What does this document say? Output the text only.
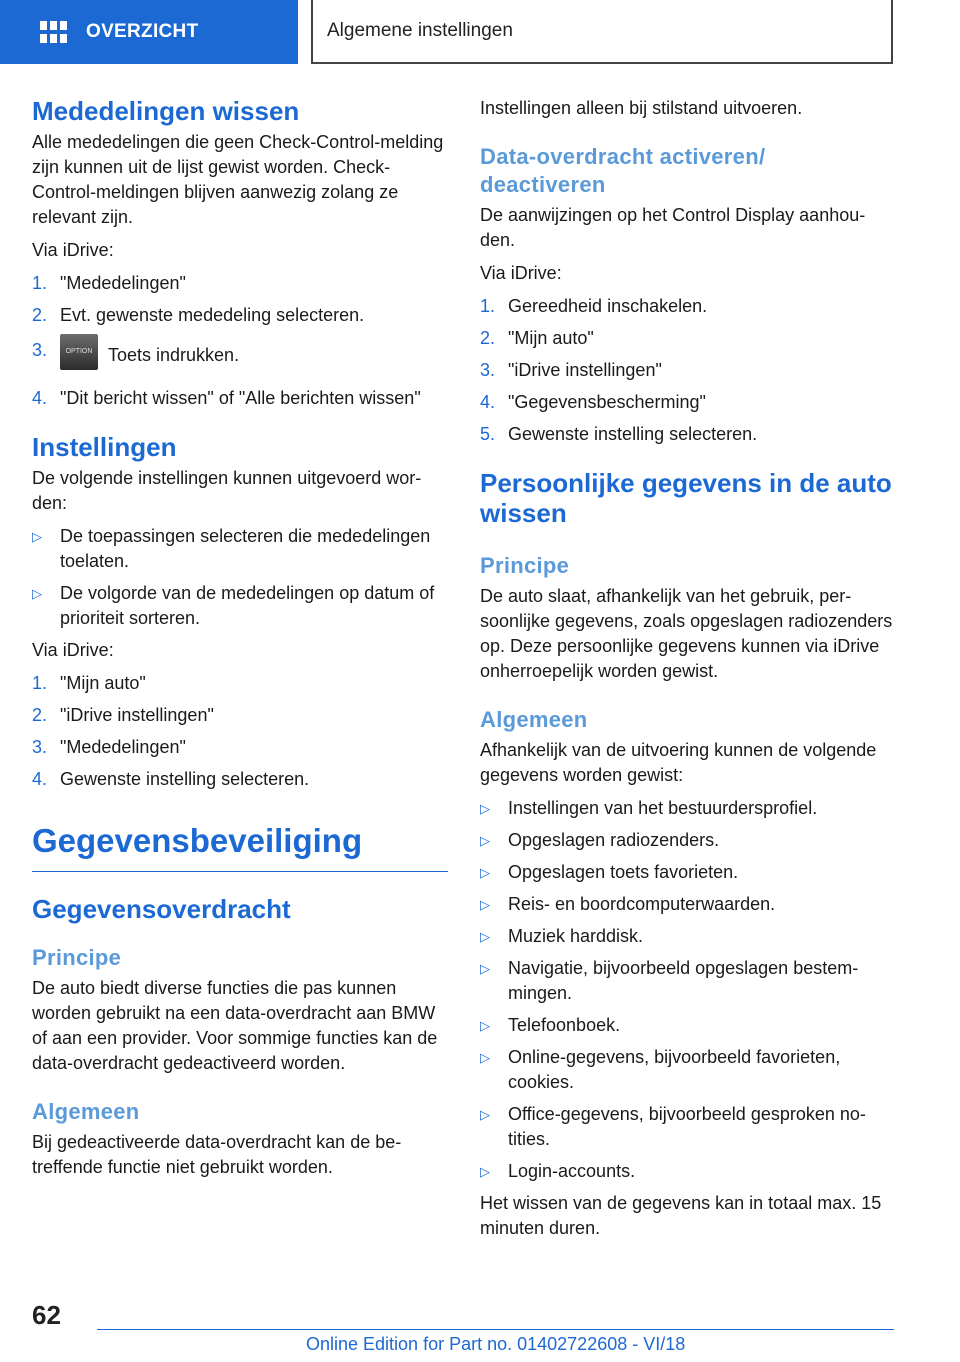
OVERZICHT	Algemene instellingen
Mededelingen wissen

Alle mededelingen die geen Check-Control-melding zijn kunnen uit de lijst gewist worden. Check-Control-meldingen blijven aanwezig zolang ze relevant zijn.

Via iDrive:

1. "Mededelingen"
2. Evt. gewenste mededeling selecteren.
3.	OPTION Toets indrukken.
4. "Dit bericht wissen" of "Alle berichten wissen"
Instellingen

De volgende instellingen kunnen uitgevoerd worden:

▷	De toepassingen selecteren die mededelingen toelaten.
▷	De volgorde van de mededelingen op datum of prioriteit sorteren.

Via iDrive:

1. "Mijn auto"
2. "iDrive instellingen"
3. "Mededelingen"
4. Gewenste instelling selecteren.
Gegevensbeveiliging
Gegevensoverdracht
Principe

De auto biedt diverse functies die pas kunnen worden gebruikt na een data-overdracht aan BMW of aan een provider. Voor sommige functies kan de data-overdracht gedeactiveerd worden.

Algemeen

Bij gedeactiveerde data-overdracht kan de betreffende functie niet gebruikt worden.

Instellingen alleen bij stilstand uitvoeren.

Data-overdracht activeren/ deactiveren

De aanwijzingen op het Control Display aanhouden.

Via iDrive:

1. Gereedheid inschakelen.
2. "Mijn auto"
3. "iDrive instellingen"
4. "Gegevensbescherming"
5. Gewenste instelling selecteren.
Persoonlijke gegevens in de auto wissen
Principe

De auto slaat, afhankelijk van het gebruik, persoonlijke gegevens, zoals opgeslagen radiozenders op. Deze persoonlijke gegevens kunnen via iDrive onherroepelijk worden gewist.

Algemeen

Afhankelijk van de uitvoering kunnen de volgende gegevens worden gewist:

▷	Instellingen van het bestuurdersprofiel.
▷	Opgeslagen radiozenders.
▷	Opgeslagen toets favorieten.
▷	Reis- en boordcomputerwaarden.
▷	Muziek harddisk.
▷	Navigatie, bijvoorbeeld opgeslagen bestemmingen.
▷	Telefoonboek.
▷	Online-gegevens, bijvoorbeeld favorieten, cookies.
▷	Office-gegevens, bijvoorbeeld gesproken notities.
▷	Login-accounts.

Het wissen van de gegevens kan in totaal max. 15 minuten duren.

62
Online Edition for Part no. 01402722608 - VI/18
